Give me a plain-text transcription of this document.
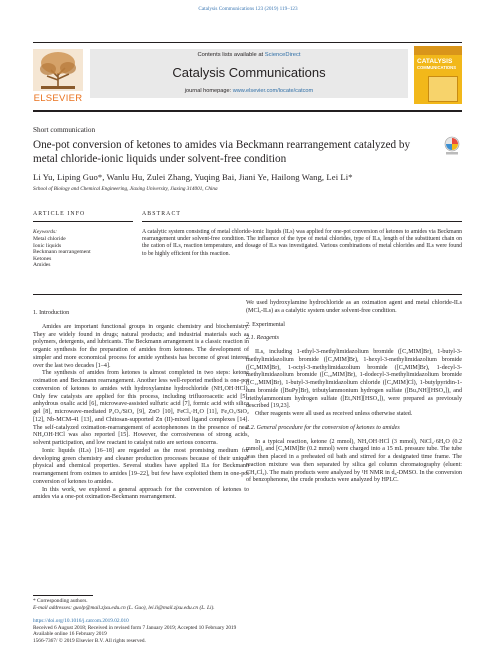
Catalysis Communications 123 (2019) 119–123
ELSEVIER
Contents lists available at ScienceDirect
Catalysis Communications
journal homepage: www.elsevier.com/locate/catcom
CATALYSIS
COMMUNICATIONS
Short communication
One-pot conversion of ketones to amides via Beckmann rearrangement catalyzed by metal chloride-ionic liquids under solvent-free condition
Li Yu, Liping Guo*, Wanlu Hu, Zulei Zhang, Yuqing Bai, Jiani Ye, Hailong Wang, Lei Li*
School of Biology and Chemical Engineering, Jiaxing University, Jiaxing 314001, China
ARTICLE INFO	ABSTRACT
Keywords:
Metal chloride
Ionic liquids
Beckmann rearrangement
Ketones
Amides
A catalytic system consisting of metal chloride-ionic liquids (ILs) was applied for one-pot conversion of ketones to amides via Beckmann rearrangement under solvent-free condition. The influence of the type of metal chlorides, type of ILs, length of the substituent chain on the cation of ILs, reaction temperature, and dosage of ILs was investigated. Various combinations of metal chlorides and ILs were found to be highly efficient for this reaction.
1. Introduction

Amides are important functional groups in organic chemistry and biochemistry. They are widely found in drugs; natural products; and industrial materials such as polymers, detergents, and lubricants. The Beckmann arrangement is a classic reaction in organic synthesis for the preparation of amides from ketones. The development of simpler and more economical process for amide synthesis has become of great interest over the last two decades [1–4].

The synthesis of amides from ketones is almost completed in two steps: ketone oximation and Beckmann rearrangement. Another less well-reported method is one-pot conversion of ketones to amides with hydroxylamine hydrochloride (NH₂OH·HCl). Only few catalysts are applied for this process, including trifluoroacetic acid [5], anhydrous oxalic acid [6], microwave-assisted sulfuric acid [7], formic acid with silica gel [8], microwave-mediated P₂O₅/SiO₂ [9], ZnO [10], FeCl₃·H₂O [11], Fe₂O₃/SiO₂ [12], Nb-MCM-41 [13], and Chitosan-supported Zn (II)-mixed ligand complexes [14]. The self-catalyzed oximation-rearrangement of acetophenones in the presence of neat NH₂OH·HCl was also reported [15]. However, the corrosiveness of strong acids, solvent participation, and low reactant to catalyst ratio are serious concerns.

Ionic liquids (ILs) [16–18] are regarded as the most promising medium for developing green chemistry and cleaner production processes because of their unique physical and chemical properties. Several studies have applied ILs for Beckmann rearrangement from oximes to amides [19–22], but few have exploited them in one-pot conversion of ketones to amides.

In this work, we explored a general approach for the conversion of ketones to amides via a one-pot oximation-Beckmann rearrangement.

We used hydroxylamine hydrochloride as an oximation agent and metal chloride-ILs (MClₓ-ILs) as a catalytic system under solvent-free condition.

2. Experimental
2.1. Reagents

ILs, including 1-ethyl-3-methylimidazolium bromide ([C₂MIM]Br), 1-butyl-3-methylimidazolium bromide ([C₄MIM]Br), 1-hexyl-3-methylimidazolium bromide ([C₆MIM]Br), 1-octyl-3-methylimidazolium bromide ([C₈MIM]Br), 1-decyl-3-methylimidazolium bromide ([C₁₀MIM]Br), 1-dodecyl-3-methylimidazolium bromide ([C₁₂MIM]Br), 1-butyl-3-methylimidazolium chloride ([C₄MIM]Cl), 1-butylpyridin-1-ium bromide ([BuPy]Br), tributylammonium hydrogen sulfate ([Bu₃NH][HSO₄]), and triethylammonium hydrogen sulfate ([Et₃NH][HSO₄]), were prepared as previously described [19,23].

Other reagents were all used as received unless otherwise stated.

2.2. General procedure for the conversion of ketones to amides

In a typical reaction, ketone (2 mmol), NH₂OH·HCl (3 mmol), NiCl₂·6H₂O (0.2 mmol), and [C₄MIM]Br (0.2 mmol) were charged into a 15 mL pressure tube. The tube was then placed in a preheated oil bath and stirred for a designated time frame. The reaction mixture was then separated by silica gel column chromatography (eluent: CH₂Cl₂). The main products were analyzed by ¹H NMR in d₆-DMSO. In the conversion of benzophenone, the crude products were analyzed by HPLC.

* Corresponding authors.
E-mail addresses: guolp@mail.zjxu.edu.cn (L. Guo), lei.li@mail.zjxu.edu.cn (L. Li).
https://doi.org/10.1016/j.catcom.2019.02.010
Received 6 August 2018; Received in revised form 7 January 2019; Accepted 10 February 2019
Available online 16 February 2019
1566-7367/ © 2019 Elsevier B.V. All rights reserved.
